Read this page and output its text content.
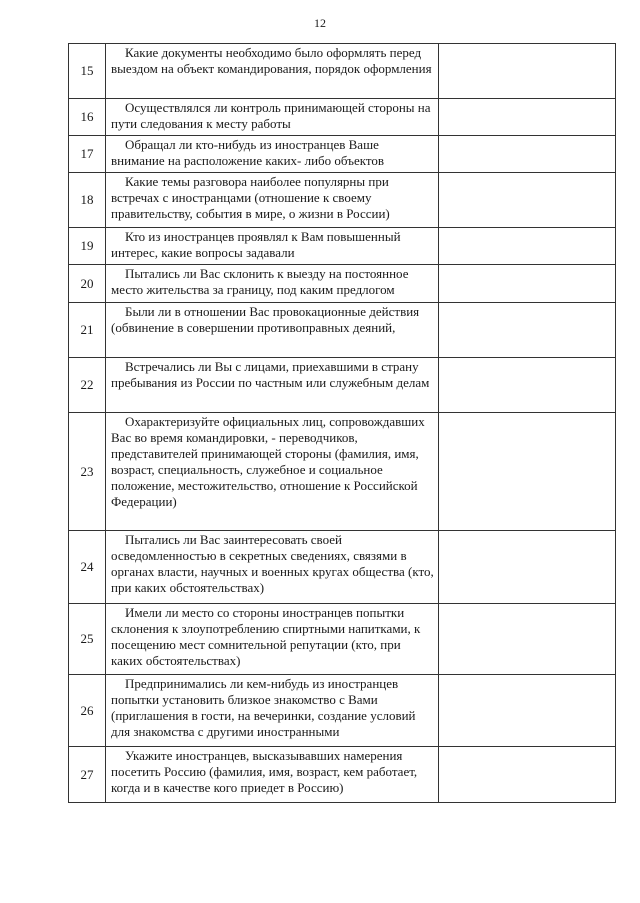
12
15	Какие документы необходимо было оформлять перед выездом на объект командирования, порядок оформления	
16	Осуществлялся ли контроль принимающей стороны на пути следования к месту работы	
17	Обращал ли кто-нибудь из иностранцев Ваше внимание на расположение каких- либо объектов	
18	Какие темы разговора наиболее популярны при встречах с иностранцами (отношение к своему правительству, события в мире, о жизни в России)	
19	Кто из иностранцев проявлял к Вам повышенный интерес, какие вопросы задавали	
20	Пытались ли Вас склонить к выезду на постоянное место жительства за границу, под каким предлогом	
21	Были ли в отношении Вас провокационные действия (обвинение в совершении противоправных деяний,	
22	Встречались ли Вы с лицами, приехавшими в страну пребывания из России по частным или служебным делам	
23	Охарактеризуйте официальных лиц, сопровождавших Вас во время командировки, - переводчиков, представителей принимающей стороны (фамилия, имя, возраст, специальность, служебное и социальное положение, местожительство, отношение к Российской Федерации)	
24	Пытались ли Вас заинтересовать своей осведомленностью в секретных сведениях, связями в органах власти, научных и военных кругах общества (кто, при каких обстоятельствах)	
25	Имели ли место со стороны иностранцев попытки склонения к злоупотреблению спиртными напитками, к посещению мест сомнительной репутации (кто, при каких обстоятельствах)	
26	Предпринимались ли кем-нибудь из иностранцев попытки установить близкое знакомство с Вами (приглашения в гости, на вечеринки, создание условий для знакомства с другими иностранными	
27	Укажите иностранцев, высказывавших намерения посетить Россию (фамилия, имя, возраст, кем работает, когда и в качестве кого приедет в Россию)	
